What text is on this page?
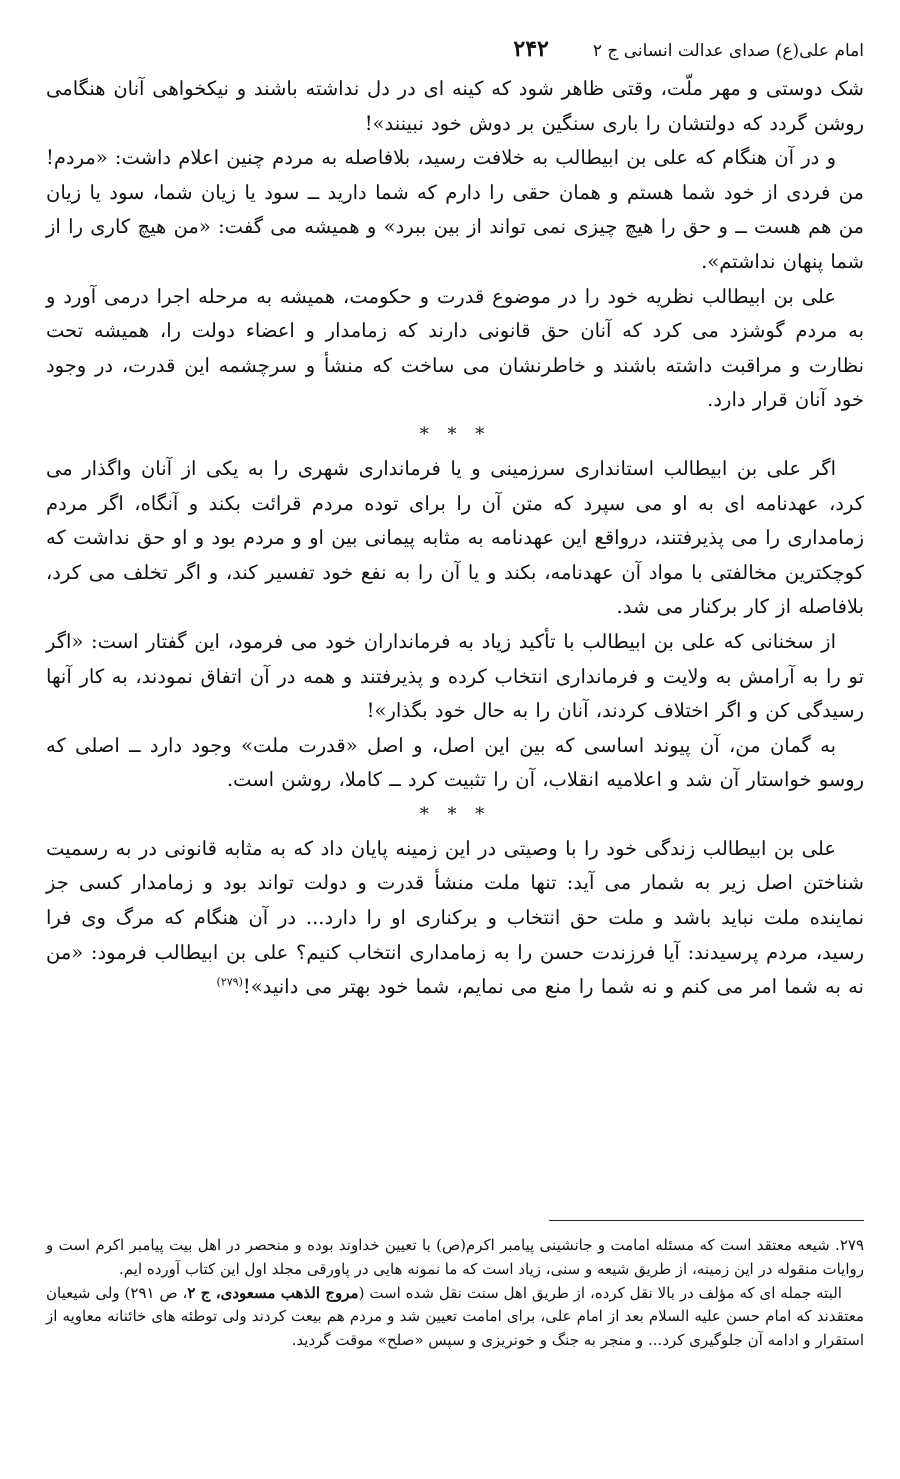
امام علی(ع) صدای عدالت انسانی ج ۲
۲۴۲

شک دوستی و مهر ملّت، وقتی ظاهر شود که کینه ای در دل نداشته باشند و نیکخواهی آنان هنگامی روشن گردد که دولتشان را باری سنگین بر دوش خود نبینند»!

و در آن هنگام که علی بن ابیطالب به خلافت رسید، بلافاصله به مردم چنین اعلام داشت: «مردم! من فردی از خود شما هستم و همان حقی را دارم که شما دارید ــ سود یا زیان شما، سود یا زیان من هم هست ــ و حق را هیچ چیزی نمی تواند از بین ببرد» و همیشه می گفت: «من هیچ کاری را از شما پنهان نداشتم».

علی بن ابیطالب نظریه خود را در موضوع قدرت و حکومت، همیشه به مرحله اجرا درمی آورد و به مردم گوشزد می کرد که آنان حق قانونی دارند که زمامدار و اعضاء دولت را، همیشه تحت نظارت و مراقبت داشته باشند و خاطرنشان می ساخت که منشأ و سرچشمه این قدرت، در وجود خود آنان قرار دارد.

* * *

اگر علی بن ابیطالب استانداری سرزمینی و یا فرمانداری شهری را به یکی از آنان واگذار می کرد، عهدنامه ای به او می سپرد که متن آن را برای توده مردم قرائت بکند و آنگاه، اگر مردم زمامداری را می پذیرفتند، درواقع این عهدنامه به مثابه پیمانی بین او و مردم بود و او حق نداشت که کوچکترین مخالفتی با مواد آن عهدنامه، بکند و یا آن را به نفع خود تفسیر کند، و اگر تخلف می کرد، بلافاصله از کار برکنار می شد.

از سخنانی که علی بن ابیطالب با تأکید زیاد به فرمانداران خود می فرمود، این گفتار است: «اگر تو را به آرامش به ولایت و فرمانداری انتخاب کرده و پذیرفتند و همه در آن اتفاق نمودند، به کار آنها رسیدگی کن و اگر اختلاف کردند، آنان را به حال خود بگذار»!

به گمان من، آن پیوند اساسی که بین این اصل، و اصل «قدرت ملت» وجود دارد ــ اصلی که روسو خواستار آن شد و اعلامیه انقلاب، آن را تثبیت کرد ــ کاملا، روشن است.

* * *

علی بن ابیطالب زندگی خود را با وصیتی در این زمینه پایان داد که به مثابه قانونی در به رسمیت شناختن اصل زیر به شمار می آید: تنها ملت منشأ قدرت و دولت تواند بود و زمامدار کسی جز نماینده ملت نباید باشد و ملت حق انتخاب و برکناری او را دارد... در آن هنگام که مرگ وی فرا رسید، مردم پرسیدند: آیا فرزندت حسن را به زمامداری انتخاب کنیم؟ علی بن ابیطالب فرمود: «من نه به شما امر می کنم و نه شما را منع می نمایم، شما خود بهتر می دانید»!$^{(۲۷۹)}$

۲۷۹. شیعه معتقد است که مسئله امامت و جانشینی پیامبر اکرم(ص) با تعیین خداوند بوده و منحصر در اهل بیت پیامبر اکرم است و روایات منقوله در این زمینه، از طریق شیعه و سنی، زیاد است که ما نمونه هایی در پاورقی مجلد اول این کتاب آورده ایم.

البته جمله ای که مؤلف در بالا نقل کرده، از طریق اهل سنت نقل شده است (مروج الذهب مسعودی، ج ۲، ص ۲۹۱) ولی شیعیان معتقدند که امام حسن علیه السلام بعد از امام علی، برای امامت تعیین شد و مردم هم بیعت کردند ولی توطئه های خائنانه معاویه از استقرار و ادامه آن جلوگیری کرد... و منجر به جنگ و خونریزی و سپس «صلح» موقت گردید.
